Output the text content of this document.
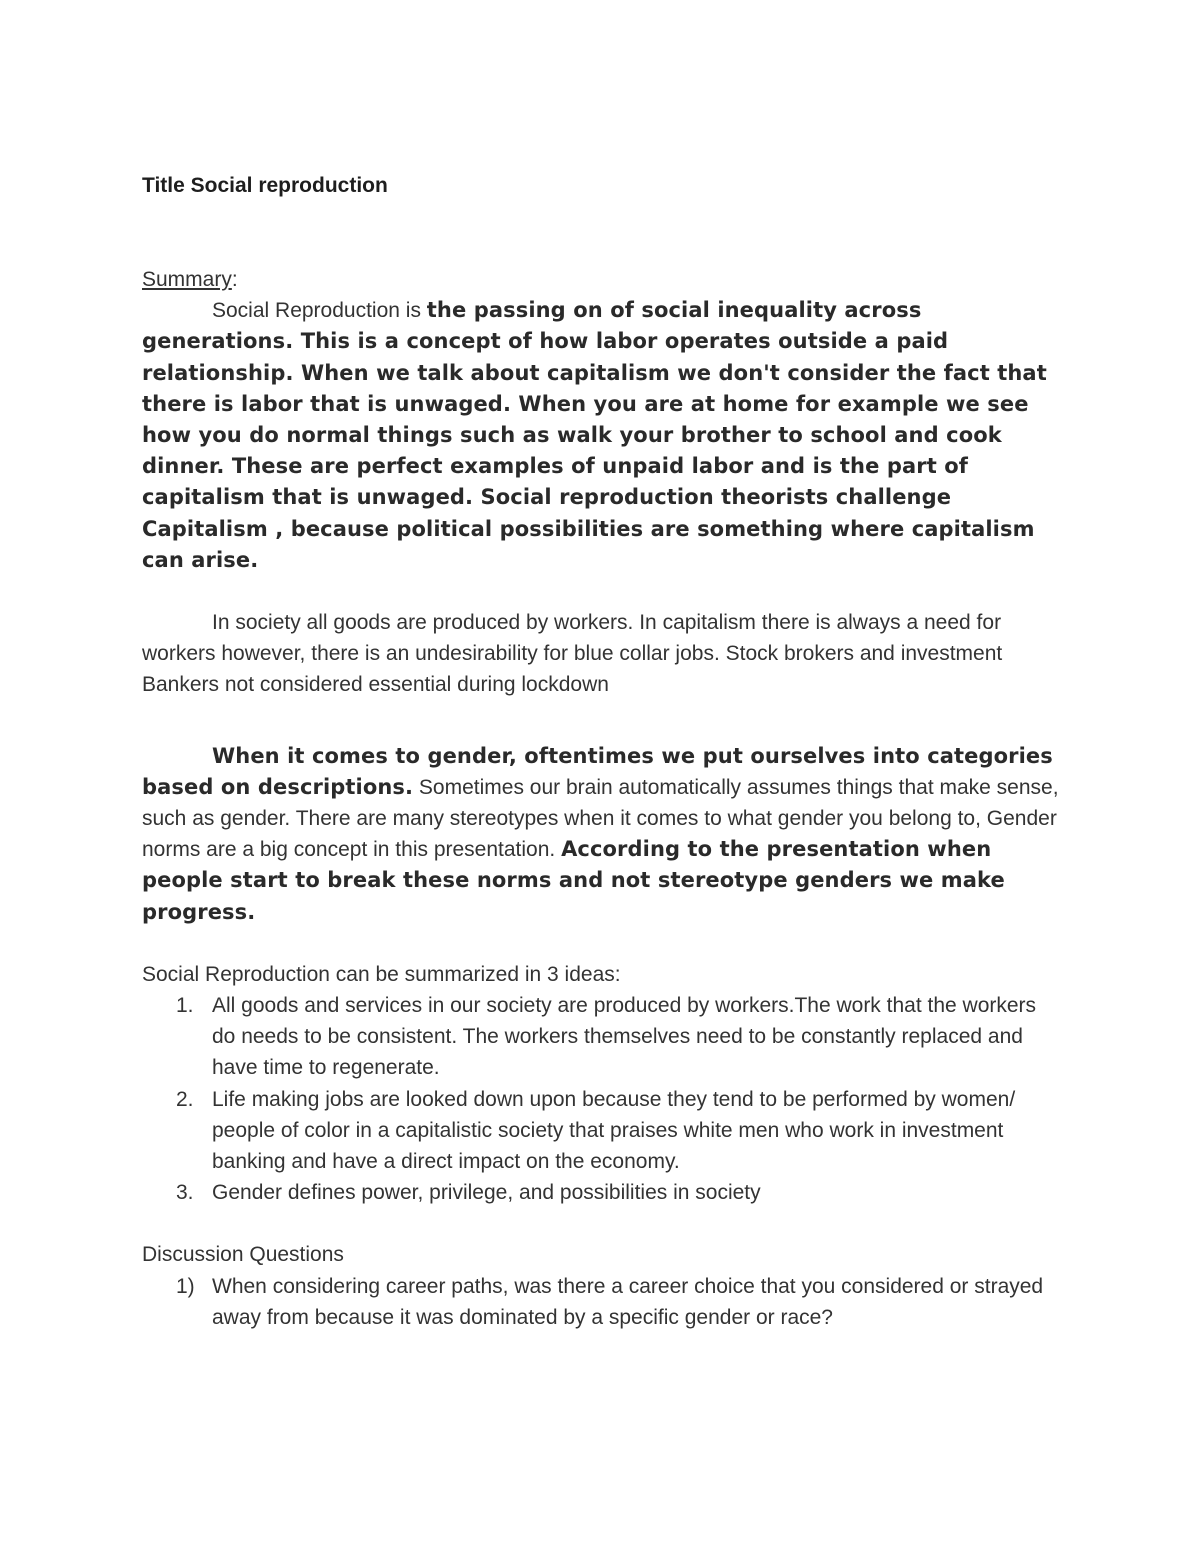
Title Social reproduction
Summary:

Social Reproduction is the passing on of social inequality across generations. This is a concept of how labor operates outside a paid relationship. When we talk about capitalism we don't consider the fact that there is labor that is unwaged. When you are at home for example we see how you do normal things such as walk your brother to school and cook dinner. These are perfect examples of unpaid labor and is the part of capitalism that is unwaged. Social reproduction theorists challenge Capitalism , because political possibilities are something where capitalism can arise.

In society all goods are produced by workers. In capitalism there is always a need for workers however, there is an undesirability for blue collar jobs. Stock brokers and investment Bankers not considered essential during lockdown

When it comes to gender, oftentimes we put ourselves into categories based on descriptions. Sometimes our brain automatically assumes things that make sense, such as gender. There are many stereotypes when it comes to what gender you belong to, Gender norms are a big concept in this presentation. According to the presentation when people start to break these norms and not stereotype genders we make progress.

Social Reproduction can be summarized in 3 ideas:

1. All goods and services in our society are produced by workers.The work that the workers do needs to be consistent. The workers themselves need to be constantly replaced and have time to regenerate.
2. Life making jobs are looked down upon because they tend to be performed by women/ people of color in a capitalistic society that praises white men who work in investment banking and have a direct impact on the economy.
3. Gender defines power, privilege, and possibilities in society

Discussion Questions

1) When considering career paths, was there a career choice that you considered or strayed away from because it was dominated by a specific gender or race?
